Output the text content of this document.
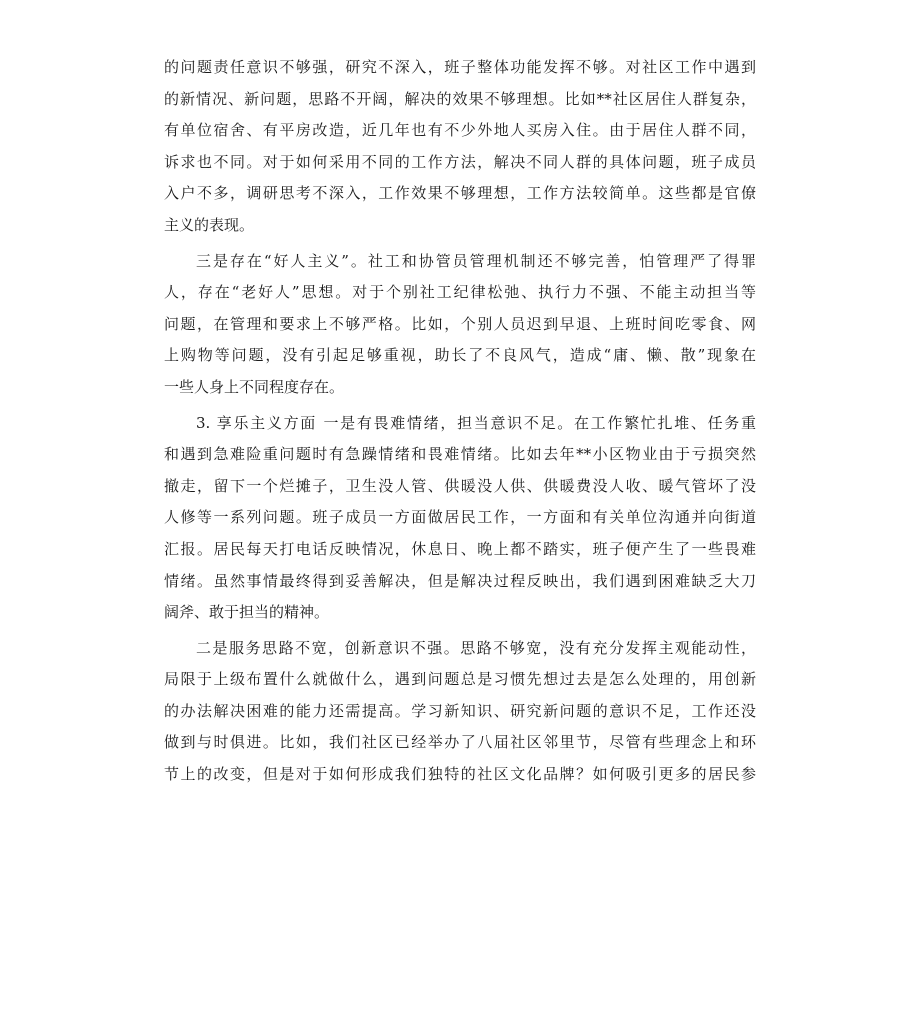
的问题责任意识不够强，研究不深入，班子整体功能发挥不够。对社区工作中遇到
的新情况、新问题，思路不开阔，解决的效果不够理想。比如**社区居住人群复杂，
有单位宿舍、有平房改造，近几年也有不少外地人买房入住。由于居住人群不同，
诉求也不同。对于如何采用不同的工作方法，解决不同人群的具体问题，班子成员
入户不多，调研思考不深入，工作效果不够理想，工作方法较简单。这些都是官僚
主义的表现。
三是存在“好人主义”。社工和协管员管理机制还不够完善，怕管理严了得罪
人，存在“老好人”思想。对于个别社工纪律松弛、执行力不强、不能主动担当等
问题，在管理和要求上不够严格。比如，个别人员迟到早退、上班时间吃零食、网
上购物等问题，没有引起足够重视，助长了不良风气，造成“庸、懒、散”现象在
一些人身上不同程度存在。
3. 享乐主义方面 一是有畏难情绪，担当意识不足。在工作繁忙扎堆、任务重
和遇到急难险重问题时有急躁情绪和畏难情绪。比如去年**小区物业由于亏损突然
撤走，留下一个烂摊子，卫生没人管、供暖没人供、供暖费没人收、暖气管坏了没
人修等一系列问题。班子成员一方面做居民工作，一方面和有关单位沟通并向街道
汇报。居民每天打电话反映情况，休息日、晚上都不踏实，班子便产生了一些畏难
情绪。虽然事情最终得到妥善解决，但是解决过程反映出，我们遇到困难缺乏大刀
阔斧、敢于担当的精神。
二是服务思路不宽，创新意识不强。思路不够宽，没有充分发挥主观能动性，
局限于上级布置什么就做什么，遇到问题总是习惯先想过去是怎么处理的，用创新
的办法解决困难的能力还需提高。学习新知识、研究新问题的意识不足，工作还没
做到与时俱进。比如，我们社区已经举办了八届社区邻里节，尽管有些理念上和环
节上的改变，但是对于如何形成我们独特的社区文化品牌？如何吸引更多的居民参
